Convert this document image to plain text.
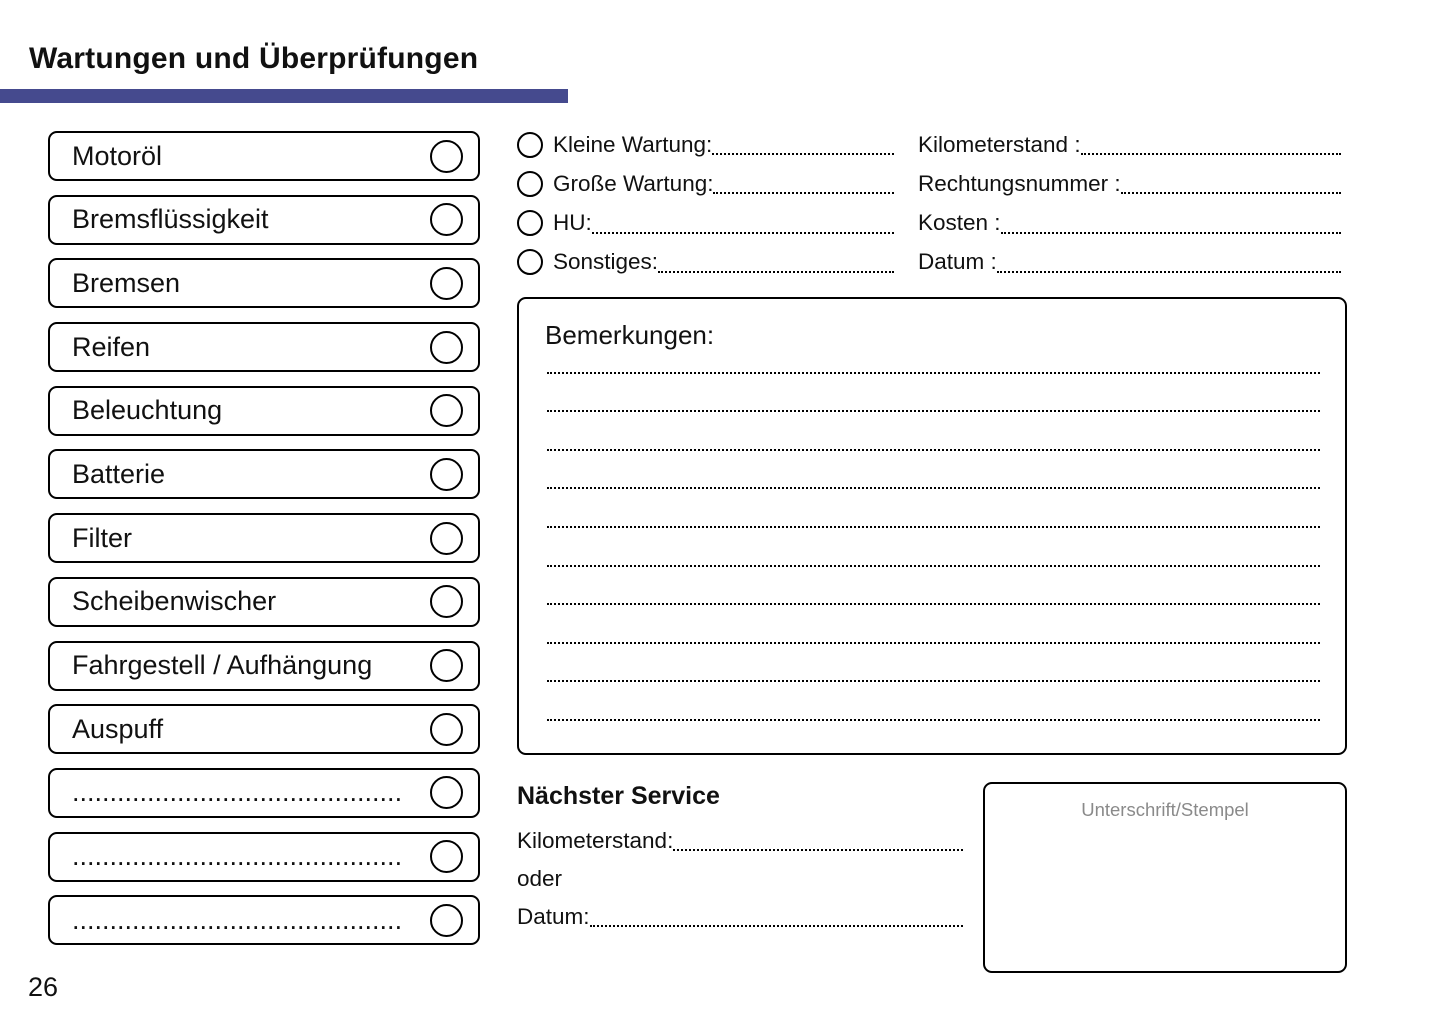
Wartungen und Überprüfungen
Motoröl
Bremsflüssigkeit
Bremsen
Reifen
Beleuchtung
Batterie
Filter
Scheibenwischer
Fahrgestell / Aufhängung
Auspuff
............................................
............................................
............................................
Kleine Wartung:
Große Wartung:
HU:
Sonstiges:
Kilometerstand :
Rechtungsnummer :
Kosten :
Datum :
Bemerkungen:
Nächster Service
Kilometerstand:
oder
Datum:
Unterschrift/Stempel
26
